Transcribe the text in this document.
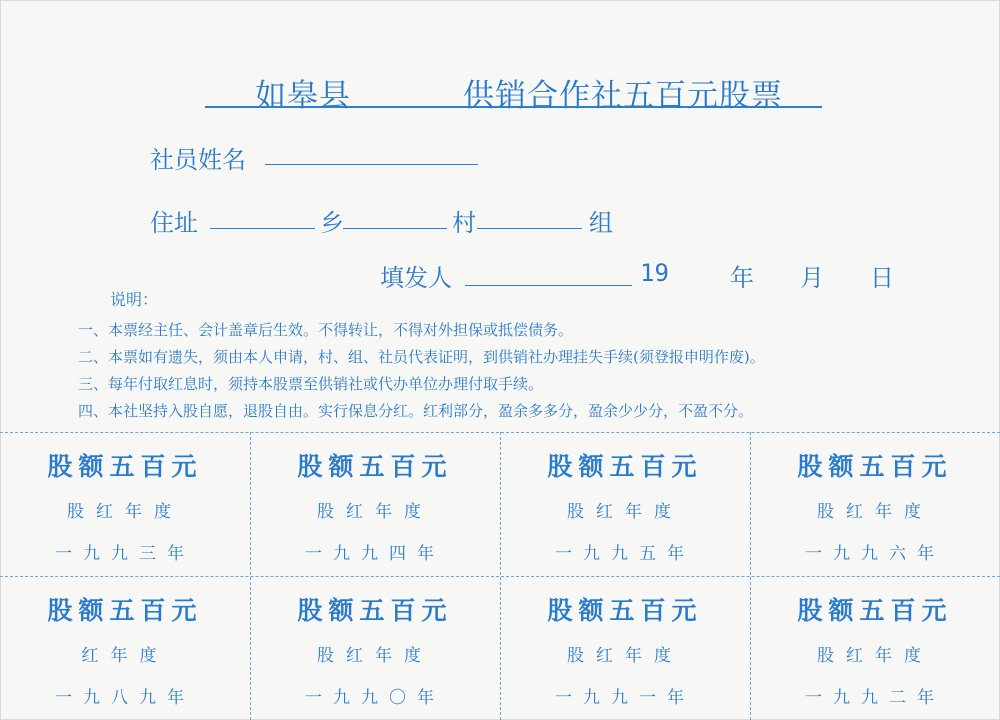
如皋县	供销合作社五百元股票
社员姓名
住址	乡	村	组
填发人	19	年 月 日
说明：
一、本票经主任、会计盖章后生效。不得转让，不得对外担保或抵偿债务。
二、本票如有遗失，须由本人申请，村、组、社员代表证明，到供销社办理挂失手续(须登报申明作废)。
三、每年付取红息时，须持本股票至供销社或代办单位办理付取手续。
四、本社坚持入股自愿，退股自由。实行保息分红。红利部分，盈余多多分，盈余少少分，不盈不分。
股额五百元
股红年度
一九九三年
股额五百元
股红年度
一九九四年
股额五百元
股红年度
一九九五年
股额五百元
股红年度
一九九六年
股额五百元
红年度
一九八九年
股额五百元
股红年度
一九九〇年
股额五百元
股红年度
一九九一年
股额五百元
股红年度
一九九二年
